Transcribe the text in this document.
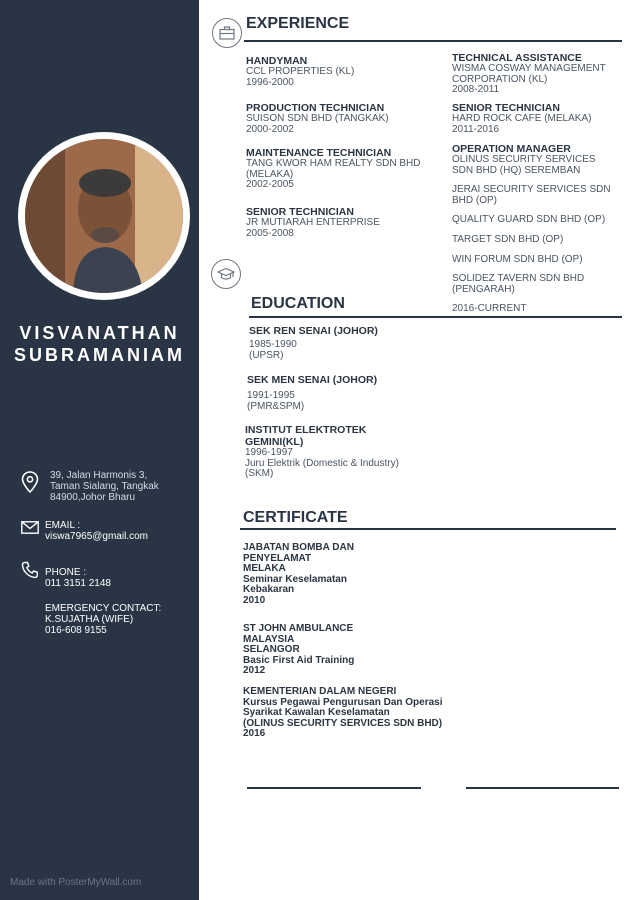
VISVANATHAN
SUBRAMANIAM
39, Jalan Harmonis 3,
Taman Sialang, Tangkak
84900,Johor Bharu
EMAIL :
viswa7965@gmail.com
PHONE :
011 3151 2148
EMERGENCY CONTACT:
K.SUJATHA (WIFE)
016-608 9155
Made with PosterMyWall.com
EXPERIENCE
HANDYMAN
CCL PROPERTIES (KL)
1996-2000
PRODUCTION TECHNICIAN
SUISON SDN BHD (TANGKAK)
2000-2002
MAINTENANCE TECHNICIAN
TANG KWOR HAM REALTY SDN BHD
(MELAKA)
2002-2005
SENIOR TECHNICIAN
JR MUTIARAH ENTERPRISE
2005-2008
TECHNICAL ASSISTANCE
WISMA COSWAY MANAGEMENT
CORPORATION (KL)
2008-2011
SENIOR TECHNICIAN
HARD ROCK CAFE (MELAKA)
2011-2016
OPERATION MANAGER
OLINUS SECURITY SERVICES
SDN BHD (HQ) SEREMBAN
JERAI SECURITY SERVICES SDN
BHD (OP)
QUALITY GUARD SDN BHD (OP)
TARGET SDN BHD (OP)
WIN FORUM SDN BHD (OP)
SOLIDEZ TAVERN SDN BHD
(PENGARAH)
2016-CURRENT
EDUCATION
SEK REN SENAI (JOHOR)
1985-1990
(UPSR)
SEK MEN SENAI (JOHOR)
1991-1995
(PMR&SPM)
INSTITUT ELEKTROTEK
GEMINI(KL)
1996-1997
Juru Elektrik (Domestic & Industry)
(SKM)
CERTIFICATE
JABATAN BOMBA DAN
PENYELAMAT
MELAKA
Seminar Keselamatan
Kebakaran
2010
ST JOHN AMBULANCE
MALAYSIA
SELANGOR
Basic First Aid Training
2012
KEMENTERIAN DALAM NEGERI
Kursus Pegawai Pengurusan Dan Operasi
Syarikat Kawalan Keselamatan
(OLINUS SECURITY SERVICES SDN BHD)
2016
